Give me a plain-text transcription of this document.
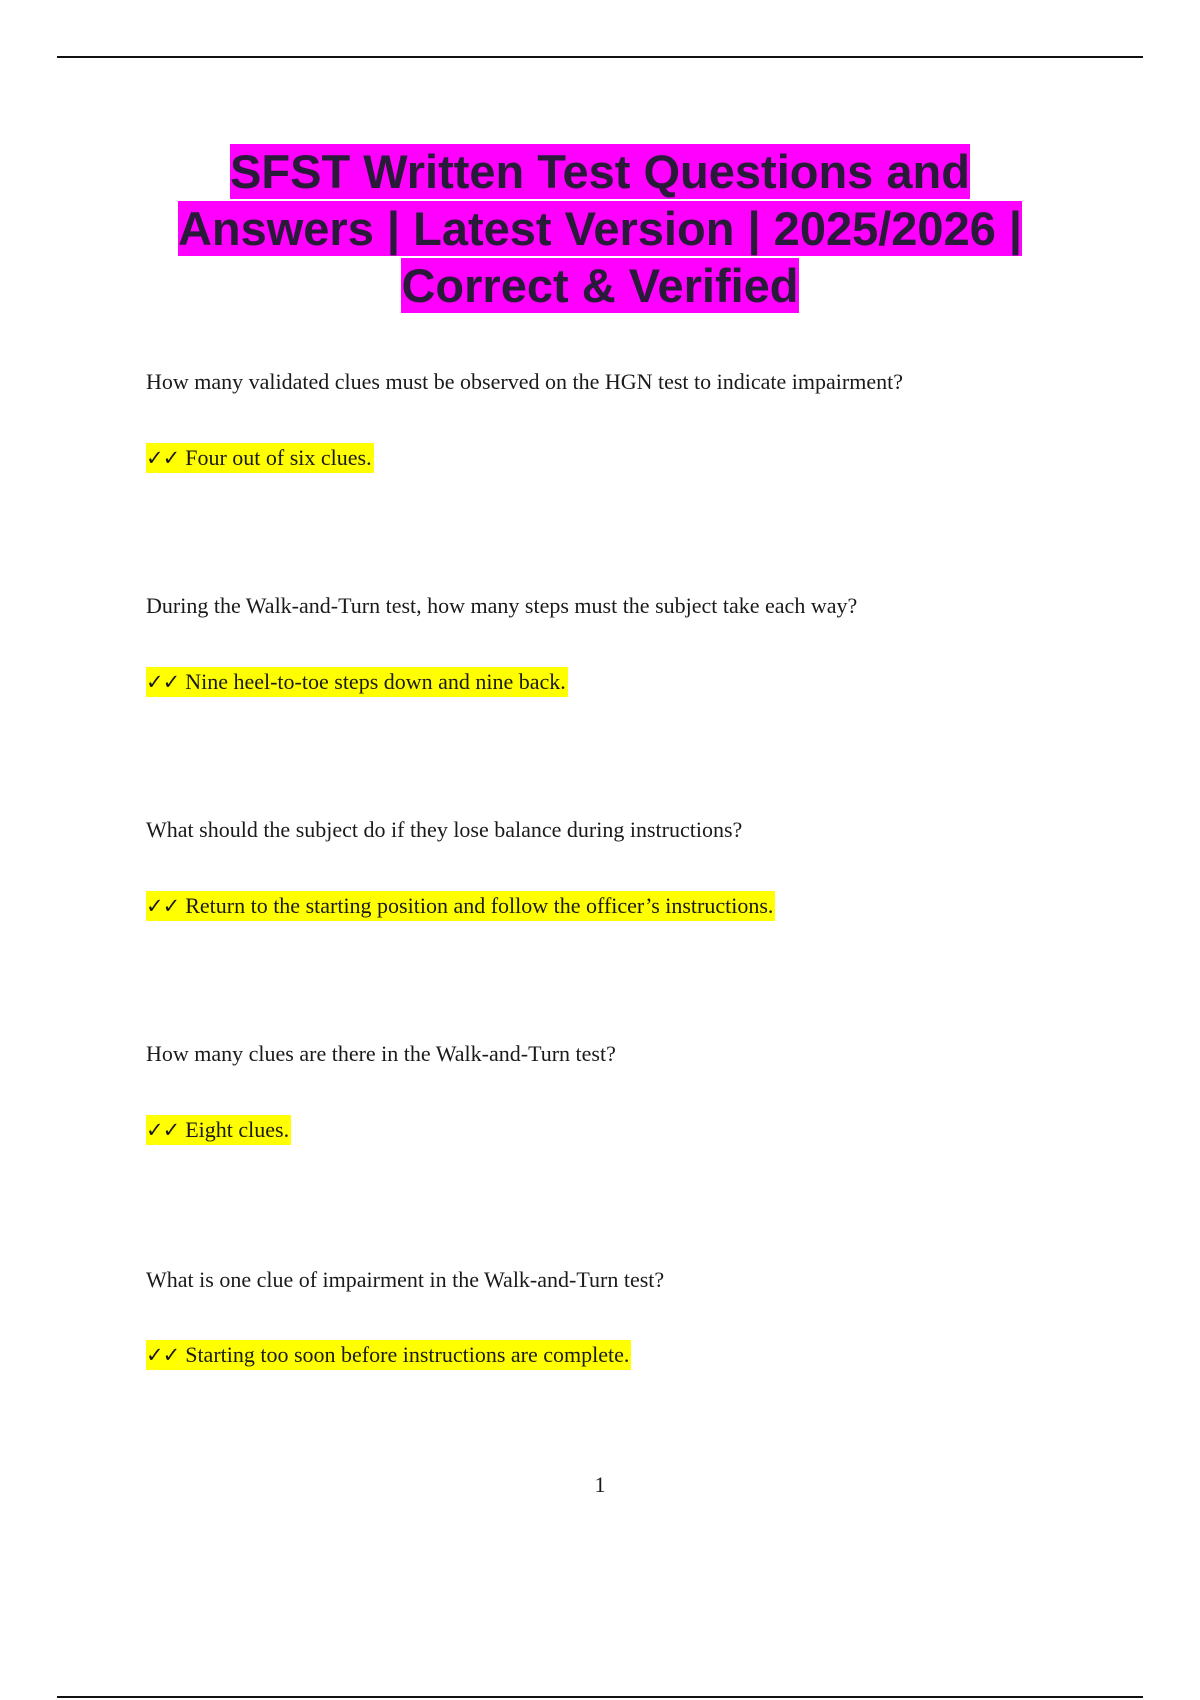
SFST Written Test Questions and
Answers | Latest Version | 2025/2026 |
Correct & Verified
How many validated clues must be observed on the HGN test to indicate impairment?
✓✓ Four out of six clues.
During the Walk-and-Turn test, how many steps must the subject take each way?
✓✓ Nine heel-to-toe steps down and nine back.
What should the subject do if they lose balance during instructions?
✓✓ Return to the starting position and follow the officer’s instructions.
How many clues are there in the Walk-and-Turn test?
✓✓ Eight clues.
What is one clue of impairment in the Walk-and-Turn test?
✓✓ Starting too soon before instructions are complete.
1
